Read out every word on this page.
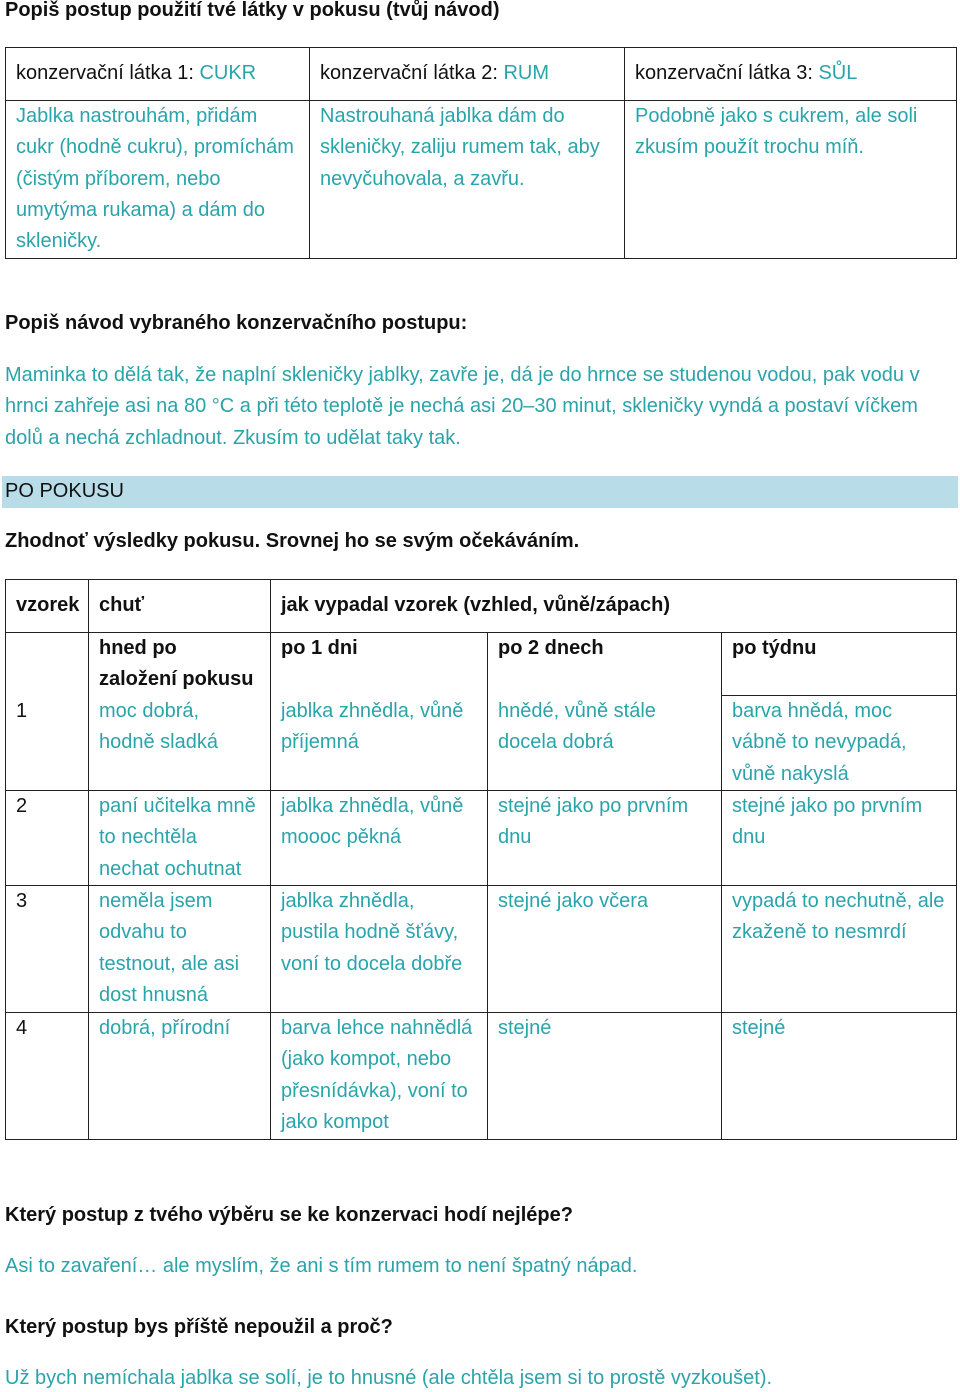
Popiš postup použití tvé látky v pokusu (tvůj návod)
konzervační látka 1: CUKR	konzervační látka 2: RUM	konzervační látka 3: SŮL
Jablka nastrouhám, přidám cukr (hodně cukru), promíchám (čistým příborem, nebo umytýma rukama) a dám do skleničky.	Nastrouhaná jablka dám do skleničky, zaliju rumem tak, aby nevyčuhovala, a zavřu.	Podobně jako s cukrem, ale soli zkusím použít trochu míň.
Popiš návod vybraného konzervačního postupu:
Maminka to dělá tak, že naplní skleničky jablky, zavře je, dá je do hrnce se studenou vodou, pak vodu v hrnci zahřeje asi na 80 °C a při této teplotě je nechá asi 20–30 minut, skleničky vyndá a postaví víčkem dolů a nechá zchladnout. Zkusím to udělat taky tak.
PO POKUSU
Zhodnoť výsledky pokusu. Srovnej ho se svým očekáváním.
vzorek	chuť	jak vypadal vzorek (vzhled, vůně/zápach)		
	hned po založení pokusu	po 1 dni	po 2 dnech	po týdnu
1	moc dobrá, hodně sladká	jablka zhnědla, vůně příjemná	hnědé, vůně stále docela dobrá	barva hnědá, moc vábně to nevypadá, vůně nakyslá
2	paní učitelka mně to nechtěla nechat ochutnat	jablka zhnědla, vůně moooc pěkná	stejné jako po prvním dnu	stejné jako po prvním dnu
3	neměla jsem odvahu to testnout, ale asi dost hnusná	jablka zhnědla, pustila hodně šťávy, voní to docela dobře	stejné jako včera	vypadá to nechutně, ale zkaženě to nesmrdí
4	dobrá, přírodní	barva lehce nahnědlá (jako kompot, nebo přesnídávka), voní to jako kompot	stejné	stejné
Který postup z tvého výběru se ke konzervaci hodí nejlépe?
Asi to zavaření… ale myslím, že ani s tím rumem to není špatný nápad.
Který postup bys příště nepoužil a proč?
Už bych nemíchala jablka se solí, je to hnusné (ale chtěla jsem si to prostě vyzkoušet).
